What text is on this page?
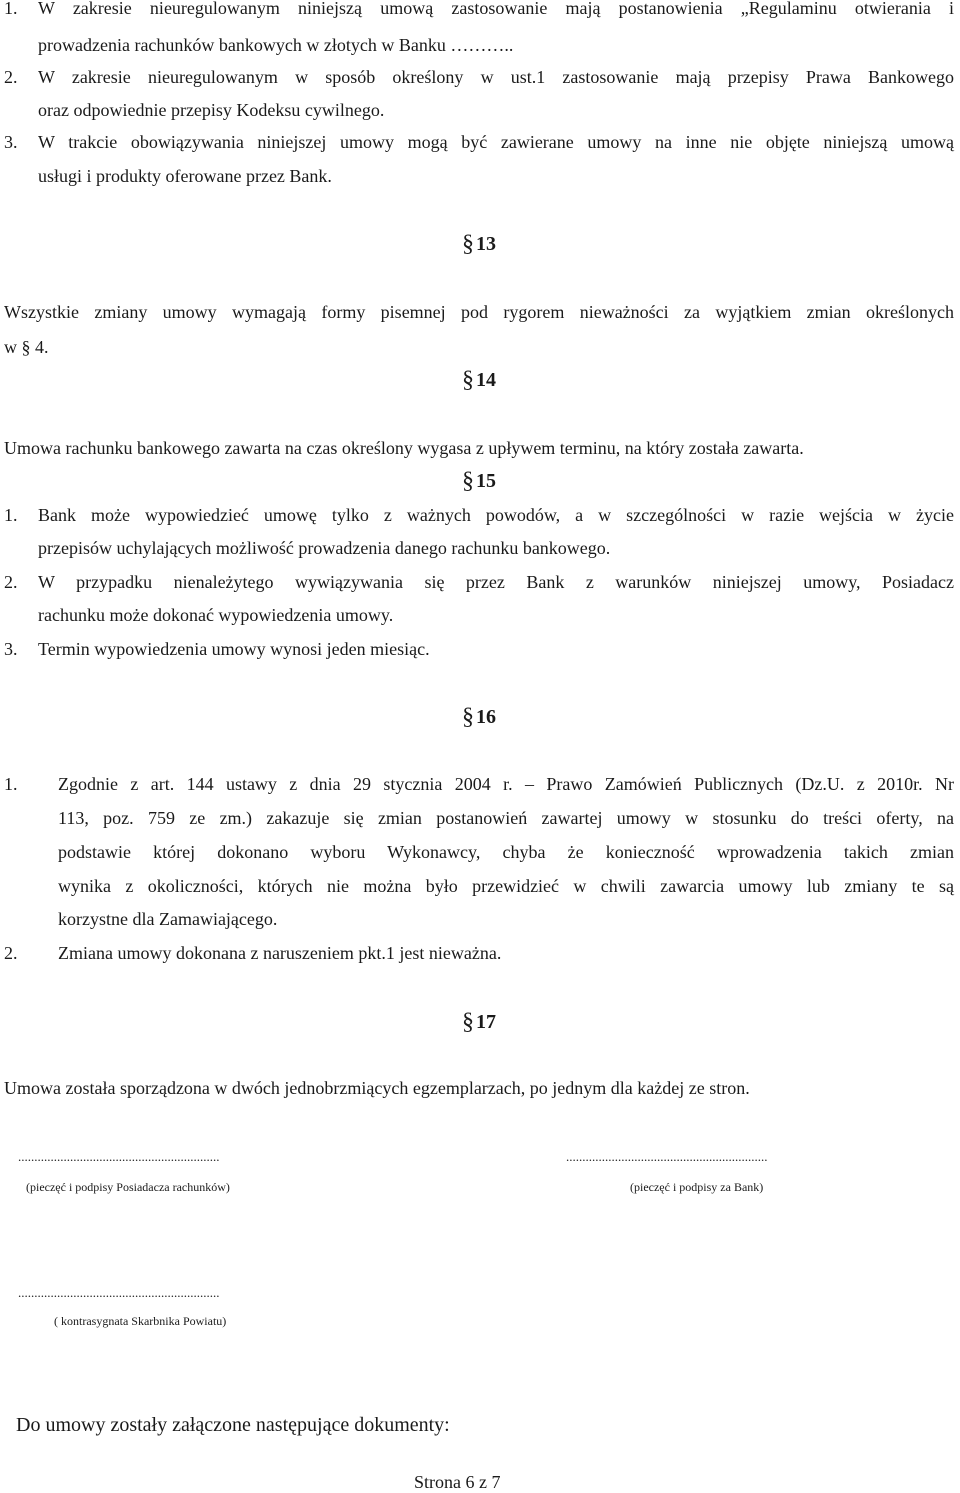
1. W zakresie nieuregulowanym niniejszą umową zastosowanie mają postanowienia „Regulaminu otwierania i
prowadzenia rachunków bankowych w złotych w Banku ………..
2. W zakresie nieuregulowanym w sposób określony w ust.1 zastosowanie mają przepisy Prawa Bankowego
oraz odpowiednie przepisy Kodeksu cywilnego.
3. W trakcie obowiązywania niniejszej umowy mogą być zawierane umowy na inne nie objęte niniejszą umową
usługi i produkty oferowane przez Bank.
§ 13
Wszystkie zmiany umowy wymagają formy pisemnej pod rygorem nieważności za wyjątkiem zmian określonych
w § 4.
§ 14
Umowa rachunku bankowego zawarta na czas określony wygasa z upływem terminu, na który została zawarta.
§ 15
1. Bank może wypowiedzieć umowę tylko z ważnych powodów, a w szczególności w razie wejścia w życie
przepisów uchylających możliwość prowadzenia danego rachunku bankowego.
2. W przypadku nienależytego wywiązywania się przez Bank z warunków niniejszej umowy, Posiadacz
rachunku może dokonać wypowiedzenia umowy.
3. Termin wypowiedzenia umowy wynosi jeden miesiąc.
§ 16
1. Zgodnie z art. 144 ustawy z dnia 29 stycznia 2004 r. – Prawo Zamówień Publicznych (Dz.U. z 2010r. Nr
113, poz. 759 ze zm.) zakazuje się zmian postanowień zawartej umowy w stosunku do treści oferty, na
podstawie której dokonano wyboru Wykonawcy, chyba że konieczność wprowadzenia takich zmian
wynika z okoliczności, których nie można było przewidzieć w chwili zawarcia umowy lub zmiany te są
korzystne dla Zamawiającego.
2. Zmiana umowy dokonana z naruszeniem pkt.1 jest nieważna.
§ 17
Umowa została sporządzona w dwóch jednobrzmiących egzemplarzach, po jednym dla każdej ze stron.
..............................................................	..............................................................
(pieczęć i podpisy Posiadacza rachunków)	(pieczęć i podpisy za Bank)
..............................................................
( kontrasygnata Skarbnika Powiatu)
Do umowy zostały załączone następujące dokumenty:
Strona 6 z 7
